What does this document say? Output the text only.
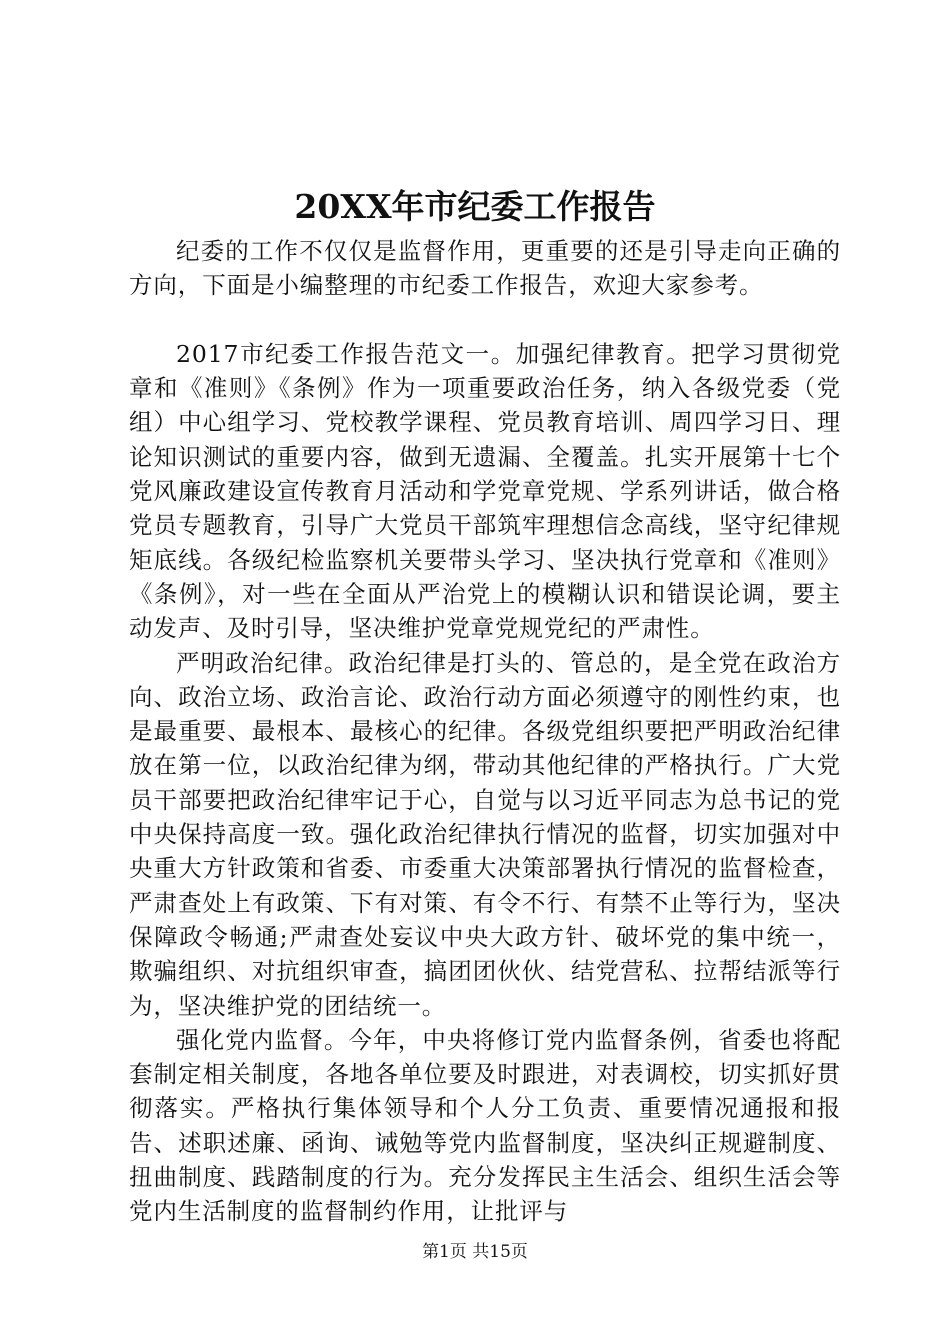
20XX年市纪委工作报告

纪委的工作不仅仅是监督作用，更重要的还是引导走向正确的方向，下面是小编整理的市纪委工作报告，欢迎大家参考。

2017市纪委工作报告范文一。加强纪律教育。把学习贯彻党章和《准则》《条例》作为一项重要政治任务，纳入各级党委（党组）中心组学习、党校教学课程、党员教育培训、周四学习日、理论知识测试的重要内容，做到无遗漏、全覆盖。扎实开展第十七个党风廉政建设宣传教育月活动和学党章党规、学系列讲话，做合格党员专题教育，引导广大党员干部筑牢理想信念高线，坚守纪律规矩底线。各级纪检监察机关要带头学习、坚决执行党章和《准则》《条例》，对一些在全面从严治党上的模糊认识和错误论调，要主动发声、及时引导，坚决维护党章党规党纪的严肃性。

严明政治纪律。政治纪律是打头的、管总的，是全党在政治方向、政治立场、政治言论、政治行动方面必须遵守的刚性约束，也是最重要、最根本、最核心的纪律。各级党组织要把严明政治纪律放在第一位，以政治纪律为纲，带动其他纪律的严格执行。广大党员干部要把政治纪律牢记于心，自觉与以习近平同志为总书记的党中央保持高度一致。强化政治纪律执行情况的监督，切实加强对中央重大方针政策和省委、市委重大决策部署执行情况的监督检查，严肃查处上有政策、下有对策、有令不行、有禁不止等行为，坚决保障政令畅通;严肃查处妄议中央大政方针、破坏党的集中统一，欺骗组织、对抗组织审查，搞团团伙伙、结党营私、拉帮结派等行为，坚决维护党的团结统一。

强化党内监督。今年，中央将修订党内监督条例，省委也将配套制定相关制度，各地各单位要及时跟进，对表调校，切实抓好贯彻落实。严格执行集体领导和个人分工负责、重要情况通报和报告、述职述廉、函询、诫勉等党内监督制度，坚决纠正规避制度、扭曲制度、践踏制度的行为。充分发挥民主生活会、组织生活会等党内生活制度的监督制约作用，让批评与

第1页 共15页
